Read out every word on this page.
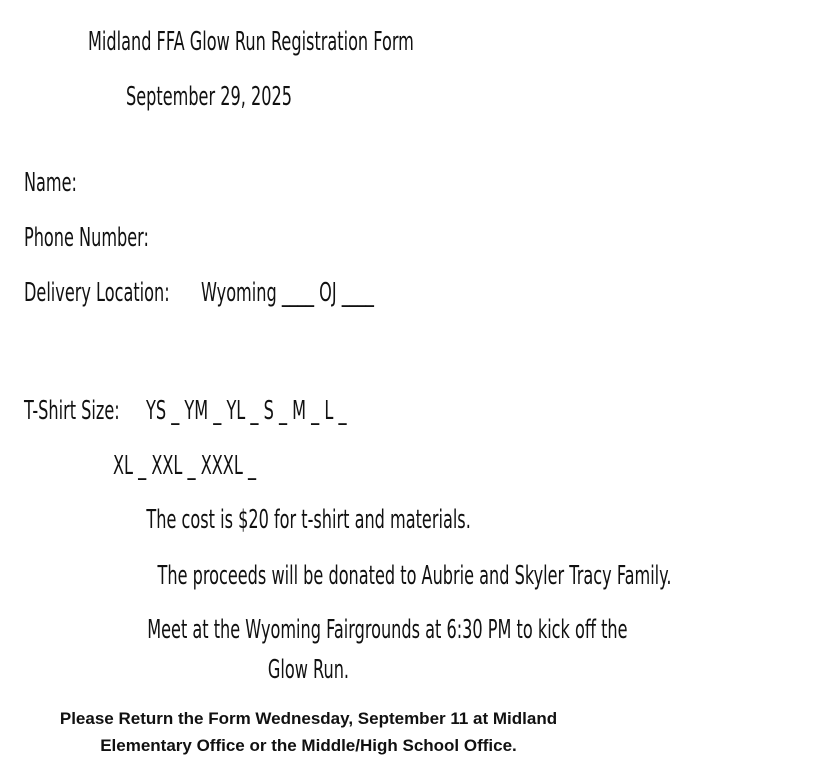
Midland FFA Glow Run Registration Form
September 29, 2025
Name:
Phone Number:
Delivery Location: Wyoming ____ OJ ____
T-Shirt Size: YS _ YM _ YL _ S _ M _ L _
XL _ XXL _ XXXL _
The cost is $20 for t-shirt and materials.
The proceeds will be donated to Aubrie and Skyler Tracy Family.
Meet at the Wyoming Fairgrounds at 6:30 PM to kick off the
Glow Run.
Please Return the Form Wednesday, September 11 at Midland
Elementary Office or the Middle/High School Office.
